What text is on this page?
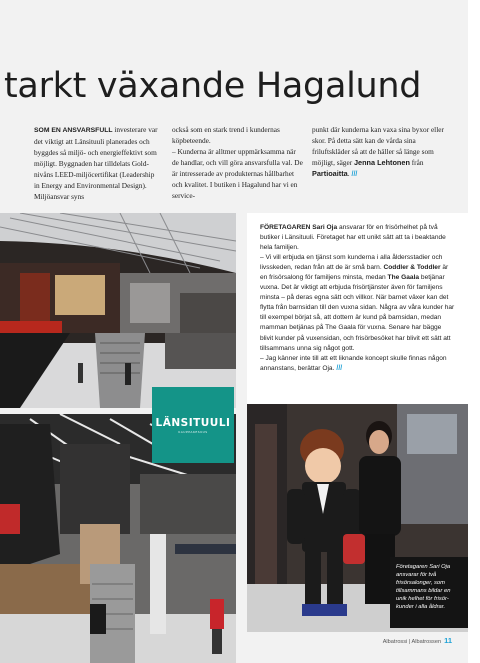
tarkt växande Hagalund

SOM EN ANSVARSFULL investerare var det viktigt att Länsituuli planerades och byggdes så miljö- och energieffektivt som möjligt. Byggnaden har tilldelats Gold-nivåns LEED-miljöcertifikat (Leadership in Energy and Environmental Design). Miljöansvar syns

också som en stark trend i kundernas köpbeteende.
– Kunderna är alltmer uppmärksamma när de handlar, och vill göra ansvarsfulla val. De är intresserade av produkternas hållbarhet och kvalitet. I butiken i Hagalund har vi en service-

punkt där kunderna kan vaxa sina byxor eller skor. På detta sätt kan de vårda sina friluftskläder så att de häller så länge som möjligt, säger Jenna Lehtonen från Partioaitta. ///

LÄNSITUULI
KAUPPAKESKUS

FÖRETAGAREN Sari Oja ansvarar för en frisörhelhet på två butiker i Länsituuli. Företaget har ett unikt sätt att ta i beaktande hela familjen.
– Vi vill erbjuda en tjänst som kunderna i alla åldersstadier och livsskeden, redan från att de är små barn. Coddler & Toddler är en frisörsalong för familjens minsta, medan The Gaala betjänar vuxna. Det är viktigt att erbjuda frisörtjänster även för familjens minsta – på deras egna sätt och villkor. När barnet växer kan det flytta från barnsidan till den vuxna sidan. Några av våra kunder har till exempel börjat så, att dottern är kund på barnsidan, medan mamman betjänas på The Gaala för vuxna. Senare har bägge blivit kunder på vuxensidan, och frisörbesöket har blivit ett sätt att tillsammans unna sig något gott.
– Jag känner inte till att ett liknande koncept skulle finnas någon annanstans, berättar Oja. ///

Företagaren Sari Oja ansvarar för två frisörsalonger, som tillsammans bildar en unik helhet för frisörkunder i alla åldrar.

Albatrossi | Albatrossen 11
